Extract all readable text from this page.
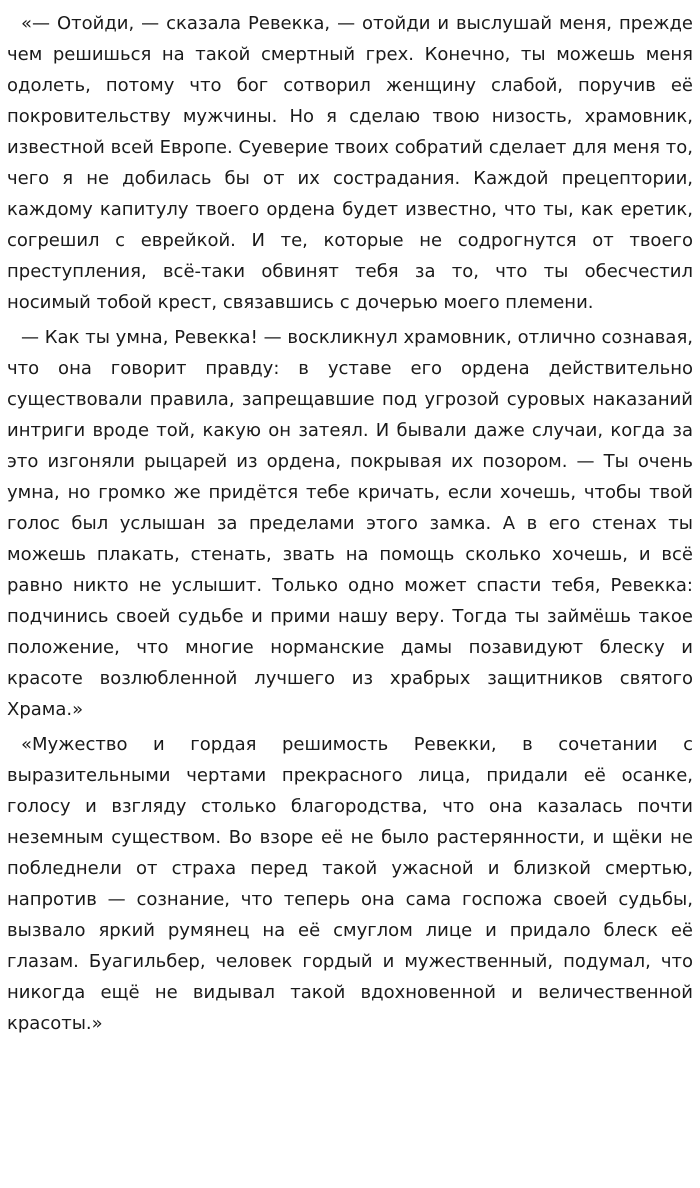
«— Отойди, — сказала Ревекка, — отойди и выслушай меня, прежде чем решишься на такой смертный грех. Конечно, ты можешь меня одолеть, потому что бог сотворил женщину слабой, поручив её покровительству мужчины. Но я сделаю твою низость, храмовник, известной всей Европе. Суеверие твоих собратий сделает для меня то, чего я не добилась бы от их сострадания. Каждой прецептории, каждому капитулу твоего ордена будет известно, что ты, как еретик, согрешил с еврейкой. И те, которые не содрогнутся от твоего преступления, всё-таки обвинят тебя за то, что ты обесчестил носимый тобой крест, связавшись с дочерью моего племени.

— Как ты умна, Ревекка! — воскликнул храмовник, отлично сознавая, что она говорит правду: в уставе его ордена действительно существовали правила, запрещавшие под угрозой суровых наказаний интриги вроде той, какую он затеял. И бывали даже случаи, когда за это изгоняли рыцарей из ордена, покрывая их позором. — Ты очень умна, но громко же придётся тебе кричать, если хочешь, чтобы твой голос был услышан за пределами этого замка. А в его стенах ты можешь плакать, стенать, звать на помощь сколько хочешь, и всё равно никто не услышит. Только одно может спасти тебя, Ревекка: подчинись своей судьбе и прими нашу веру. Тогда ты займёшь такое положение, что многие норманские дамы позавидуют блеску и красоте возлюбленной лучшего из храбрых защитников святого Храма.»

«Мужество и гордая решимость Ревекки, в сочетании с выразительными чертами прекрасного лица, придали её осанке, голосу и взгляду столько благородства, что она казалась почти неземным существом. Во взоре её не было растерянности, и щёки не побледнели от страха перед такой ужасной и близкой смертью, напротив — сознание, что теперь она сама госпожа своей судьбы, вызвало яркий румянец на её смуглом лице и придало блеск её глазам. Буагильбер, человек гордый и мужественный, подумал, что никогда ещё не видывал такой вдохновенной и величественной красоты.»
